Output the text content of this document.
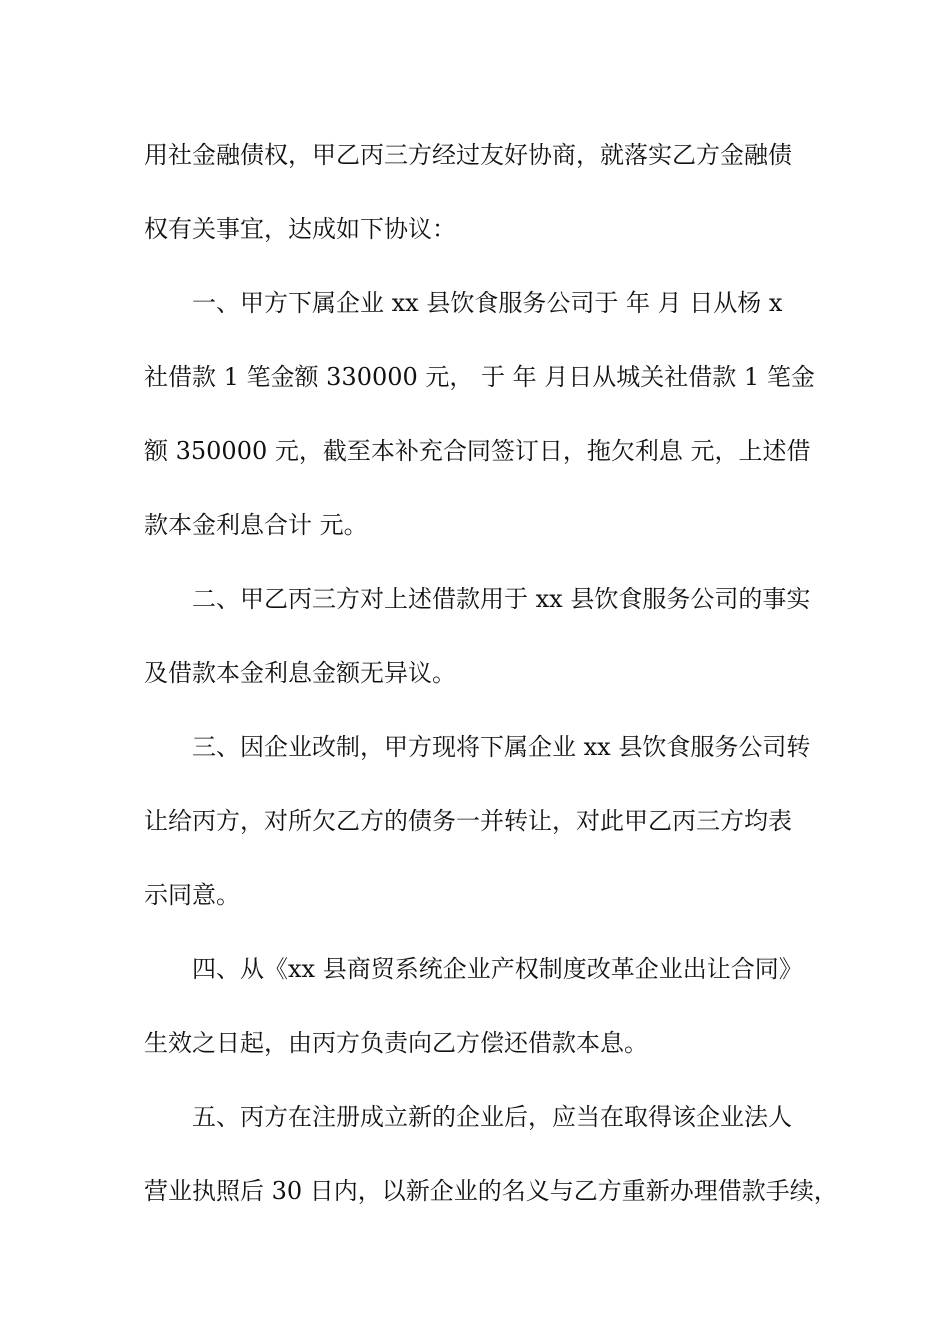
用社金融债权，甲乙丙三方经过友好协商，就落实乙方金融债
权有关事宜，达成如下协议：
一、甲方下属企业 xx 县饮食服务公司于 年 月 日从杨 x
社借款 1 笔金额 330000 元， 于 年 月日从城关社借款 1 笔金
额 350000 元，截至本补充合同签订日，拖欠利息 元，上述借
款本金利息合计 元。
二、甲乙丙三方对上述借款用于 xx 县饮食服务公司的事实
及借款本金利息金额无异议。
三、因企业改制，甲方现将下属企业 xx 县饮食服务公司转
让给丙方，对所欠乙方的债务一并转让，对此甲乙丙三方均表
示同意。
四、从《xx 县商贸系统企业产权制度改革企业出让合同》
生效之日起，由丙方负责向乙方偿还借款本息。
五、丙方在注册成立新的企业后，应当在取得该企业法人
营业执照后 30 日内，以新企业的名义与乙方重新办理借款手续，
